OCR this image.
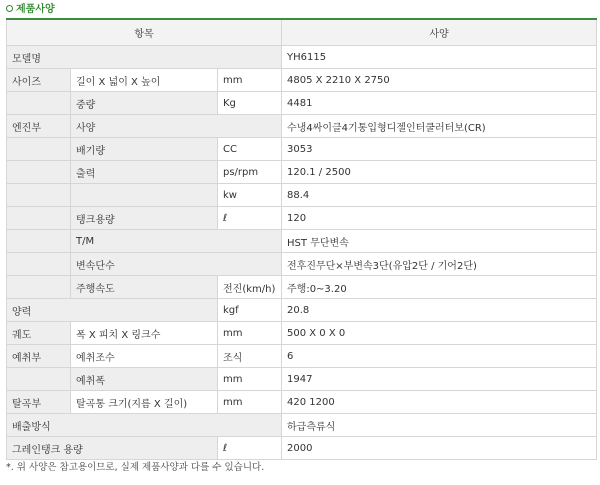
제품사양
항목			사양
모델명			YH6115
사이즈	길이 X 넓이 X 높이	mm	4805 X 2210 X 2750
	중량	Kg	4481
엔진부	사양		수냉4싸이클4기통입형디젤인터쿨러터보(CR)
	배기량	CC	3053
	출력	ps/rpm	120.1 / 2500
		kw	88.4
	탱크용량	ℓ	120
	T/M		HST 무단변속
	변속단수		전후진무단×부변속3단(유압2단 / 기어2단)
	주행속도	전진(km/h)	주행:0~3.20
양력		kgf	20.8
궤도	폭 X 피치 X 링크수	mm	500 X 0 X 0
예취부	예취조수	조식	6
	예취폭	mm	1947
탈곡부	탈곡통 크기(지름 X 길이)	mm	420 1200
배출방식			하급측류식
그레인탱크 용량		ℓ	2000
*. 위 사양은 참고용이므로, 실제 제품사양과 다를 수 있습니다.
